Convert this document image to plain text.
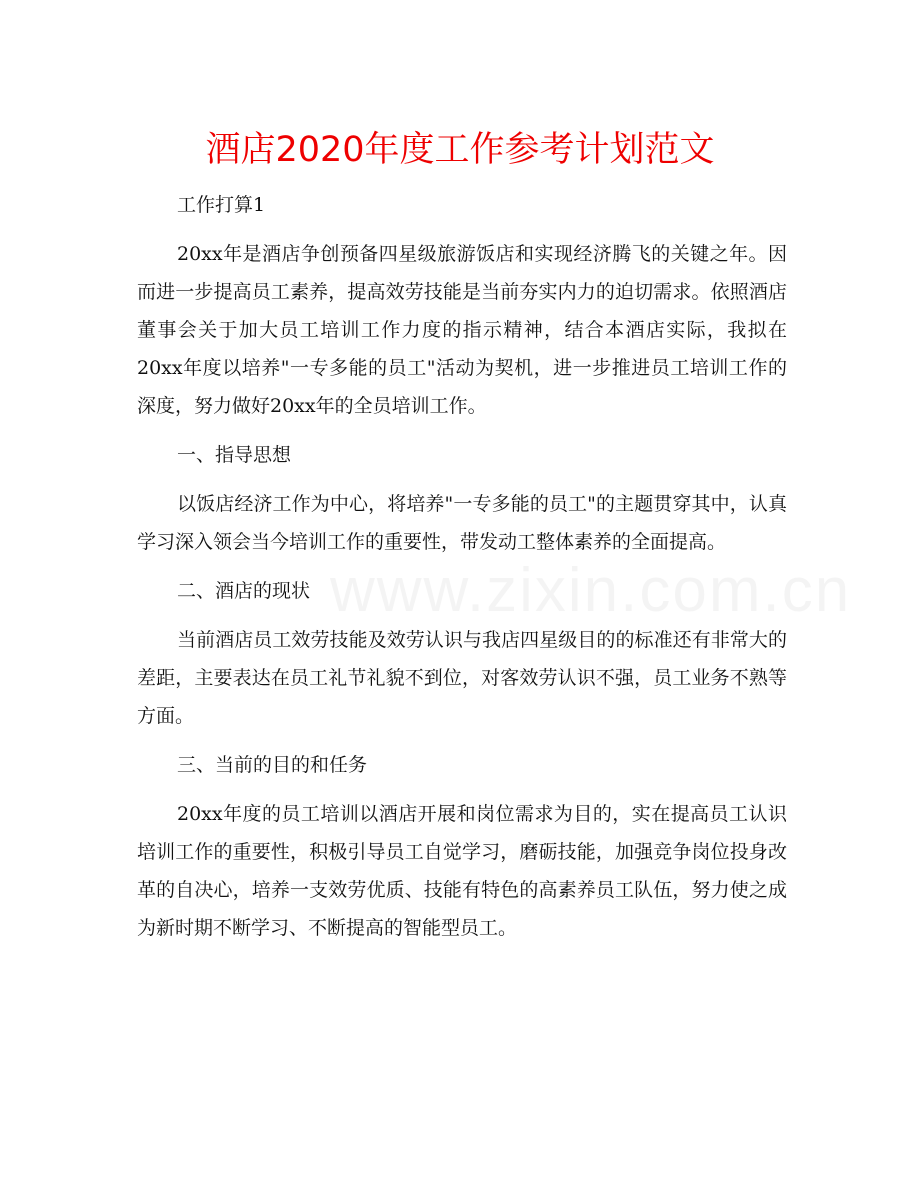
酒店2020年度工作参考计划范文
工作打算1

20xx年是酒店争创预备四星级旅游饭店和实现经济腾飞的关键之年。因而进一步提高员工素养，提高效劳技能是当前夯实内力的迫切需求。依照酒店董事会关于加大员工培训工作力度的指示精神，结合本酒店实际，我拟在20xx年度以培养"一专多能的员工"活动为契机，进一步推进员工培训工作的深度，努力做好20xx年的全员培训工作。

一、指导思想

以饭店经济工作为中心，将培养"一专多能的员工"的主题贯穿其中，认真学习深入领会当今培训工作的重要性，带发动工整体素养的全面提高。

二、酒店的现状

当前酒店员工效劳技能及效劳认识与我店四星级目的的标准还有非常大的差距，主要表达在员工礼节礼貌不到位，对客效劳认识不强，员工业务不熟等方面。

三、当前的目的和任务

20xx年度的员工培训以酒店开展和岗位需求为目的，实在提高员工认识培训工作的重要性，积极引导员工自觉学习，磨砺技能，加强竞争岗位投身改革的自决心，培养一支效劳优质、技能有特色的高素养员工队伍，努力使之成为新时期不断学习、不断提高的智能型员工。
